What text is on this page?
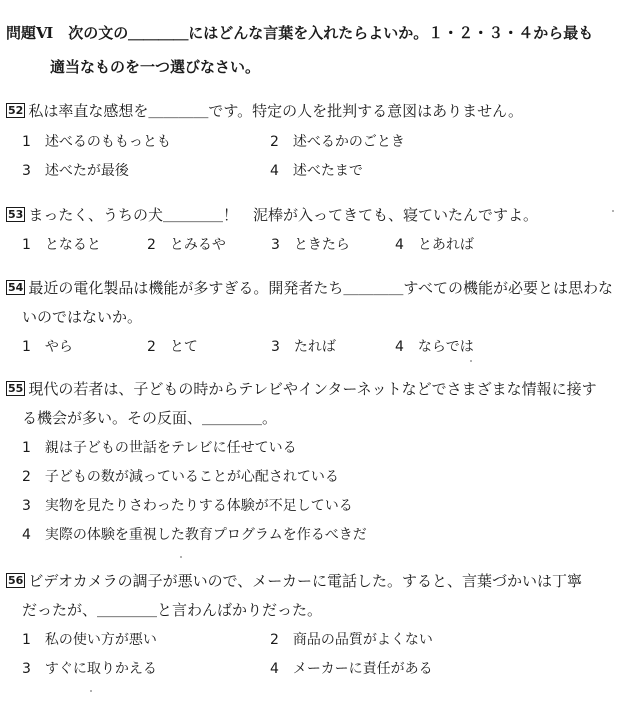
問題Ⅵ　次の文の＿＿＿＿にはどんな言葉を入れたらよいか。１・２・３・４から最も
適当なものを一つ選びなさい。
52 私は率直な感想を＿＿＿＿です。特定の人を批判する意図はありません。
1 述べるのももっとも	2 述べるかのごとき
3 述べたが最後	4 述べたまで
53 まったく、うちの犬＿＿＿＿！　泥棒が入ってきても、寝ていたんですよ。
1 となると	2 とみるや	3 ときたら	4 とあれば
54 最近の電化製品は機能が多すぎる。開発者たち＿＿＿＿すべての機能が必要とは思わな
いのではないか。
1 やら	2 とて	3 たれば	4 ならでは
55 現代の若者は、子どもの時からテレビやインターネットなどでさまざまな情報に接す
る機会が多い。その反面、＿＿＿＿。
1 親は子どもの世話をテレビに任せている
2 子どもの数が減っていることが心配されている
3 実物を見たりさわったりする体験が不足している
4 実際の体験を重視した教育プログラムを作るべきだ
56 ビデオカメラの調子が悪いので、メーカーに電話した。すると、言葉づかいは丁寧
だったが、＿＿＿＿と言わんばかりだった。
1 私の使い方が悪い	2 商品の品質がよくない
3 すぐに取りかえる	4 メーカーに責任がある
